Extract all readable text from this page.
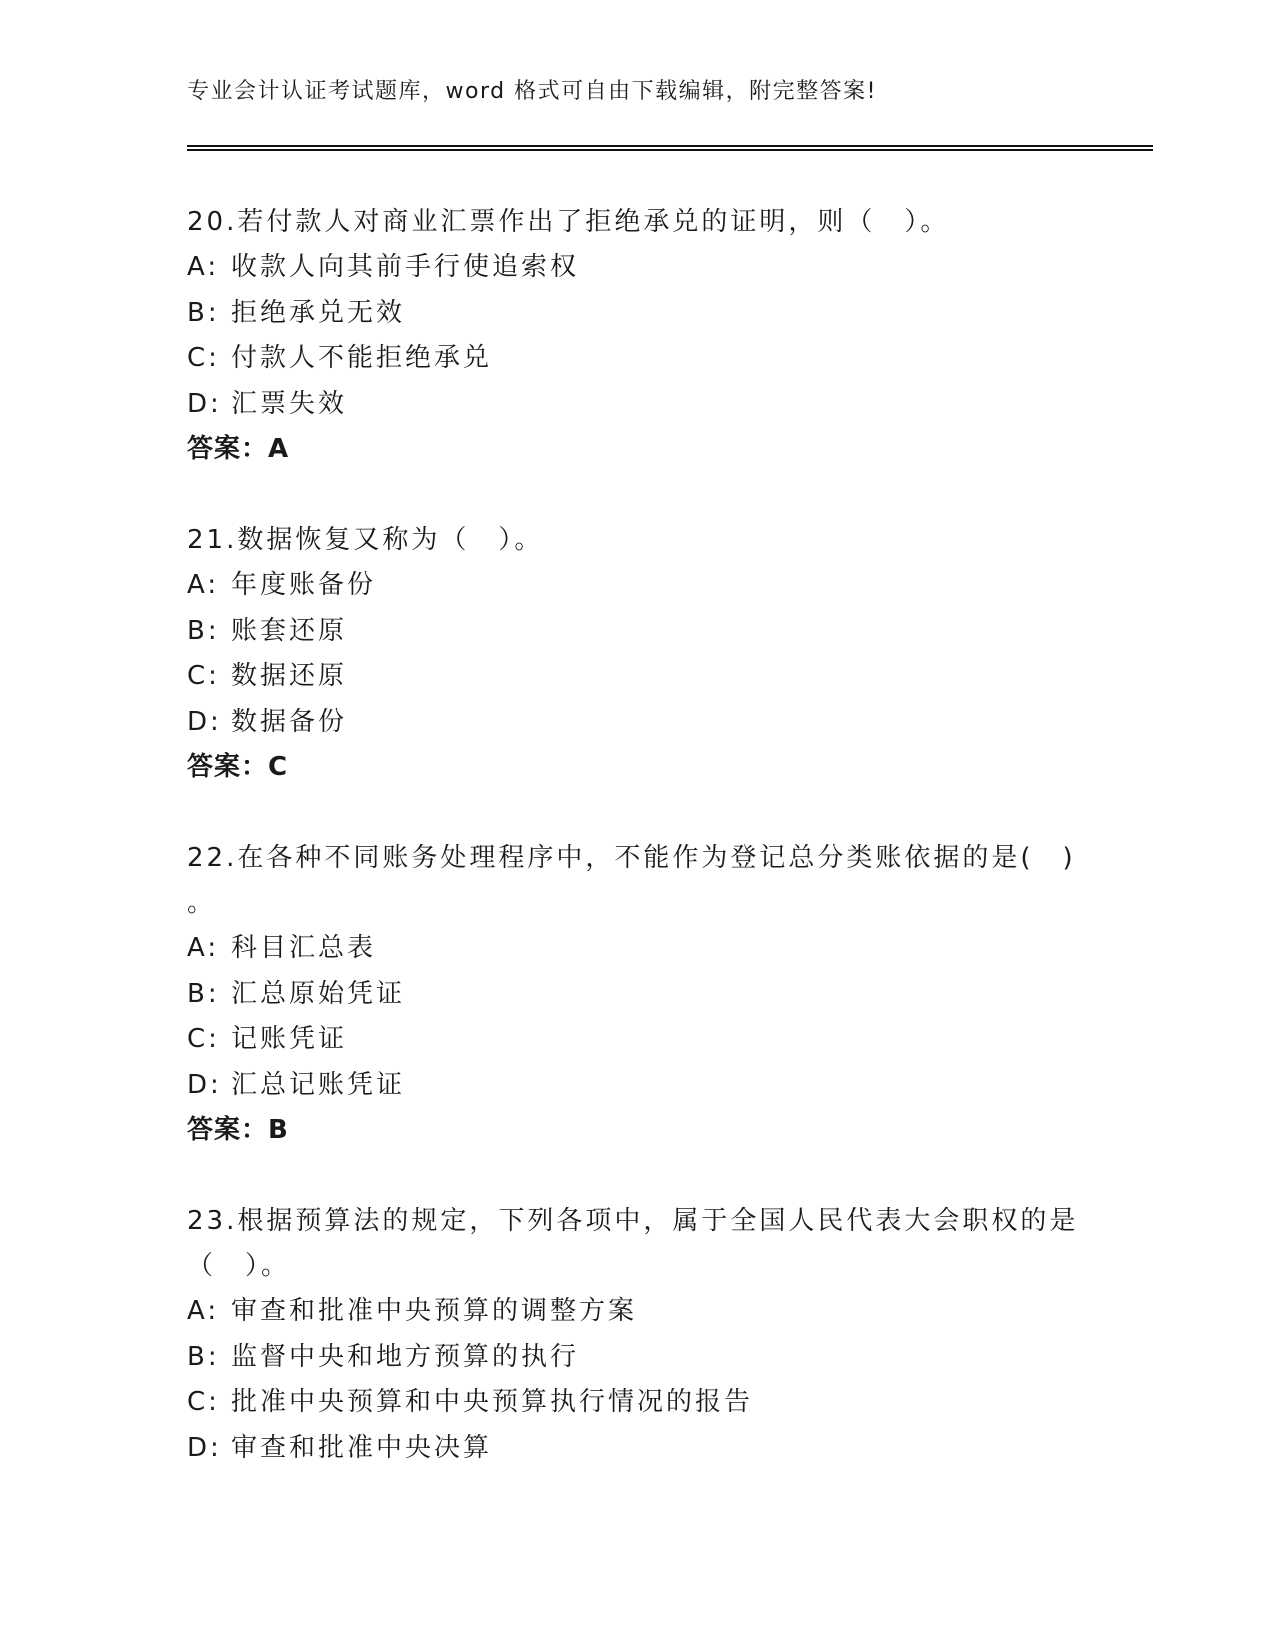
专业会计认证考试题库，word 格式可自由下载编辑，附完整答案!
20.若付款人对商业汇票作出了拒绝承兑的证明，则（　）。
A: 收款人向其前手行使追索权
B: 拒绝承兑无效
C: 付款人不能拒绝承兑
D: 汇票失效
答案：A
21.数据恢复又称为（　）。
A: 年度账备份
B: 账套还原
C: 数据还原
D: 数据备份
答案：C
22.在各种不同账务处理程序中，不能作为登记总分类账依据的是(　)
。
A: 科目汇总表
B: 汇总原始凭证
C: 记账凭证
D: 汇总记账凭证
答案：B
23.根据预算法的规定，下列各项中，属于全国人民代表大会职权的是
（　）。
A: 审查和批准中央预算的调整方案
B: 监督中央和地方预算的执行
C: 批准中央预算和中央预算执行情况的报告
D: 审查和批准中央决算
